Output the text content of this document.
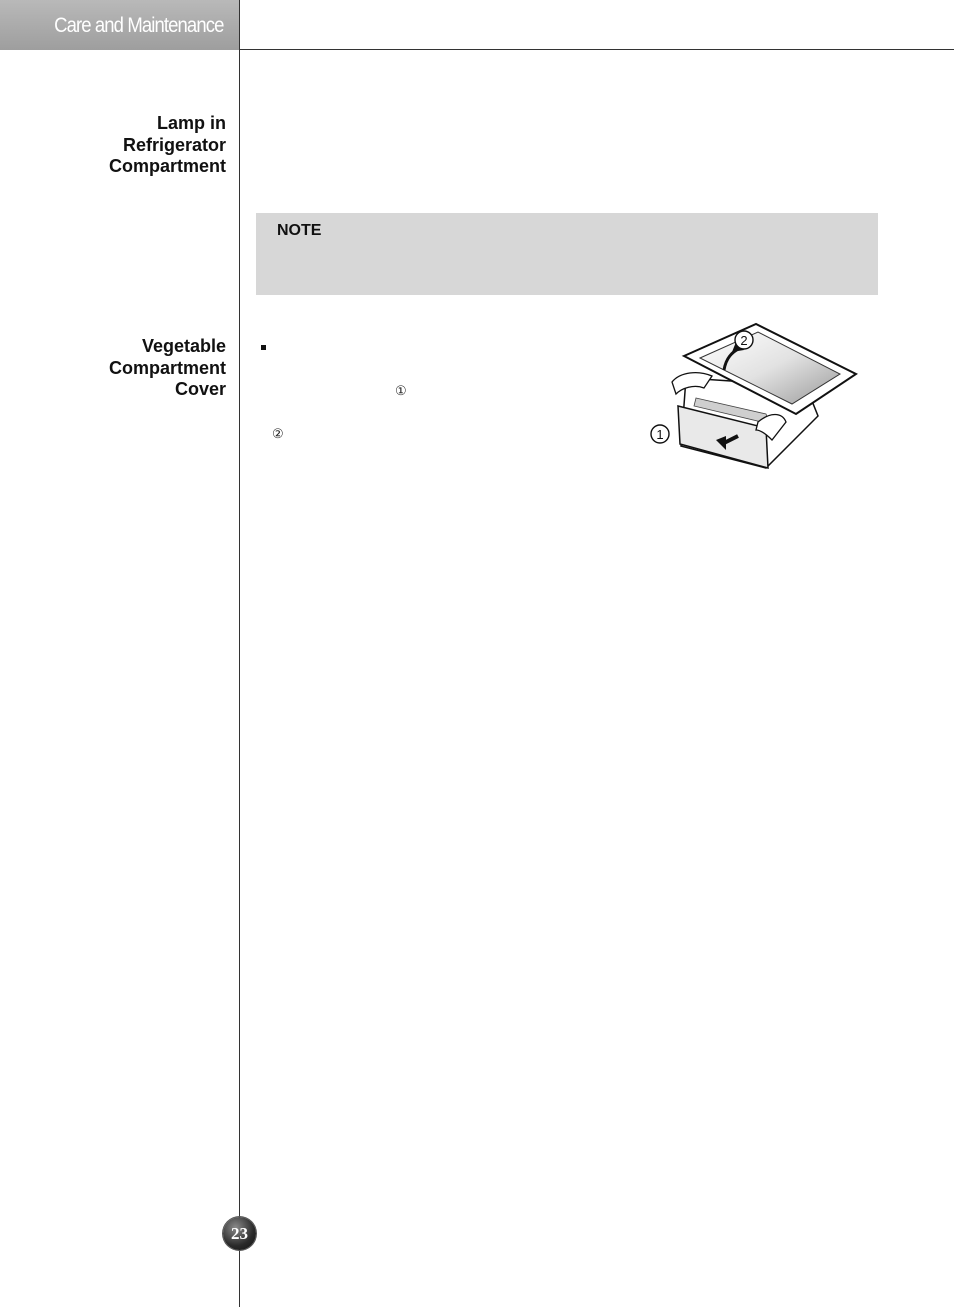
Care and Maintenance
Lamp in
Refrigerator
Compartment
NOTE
Vegetable
Compartment
Cover	①
②
2
1
23
